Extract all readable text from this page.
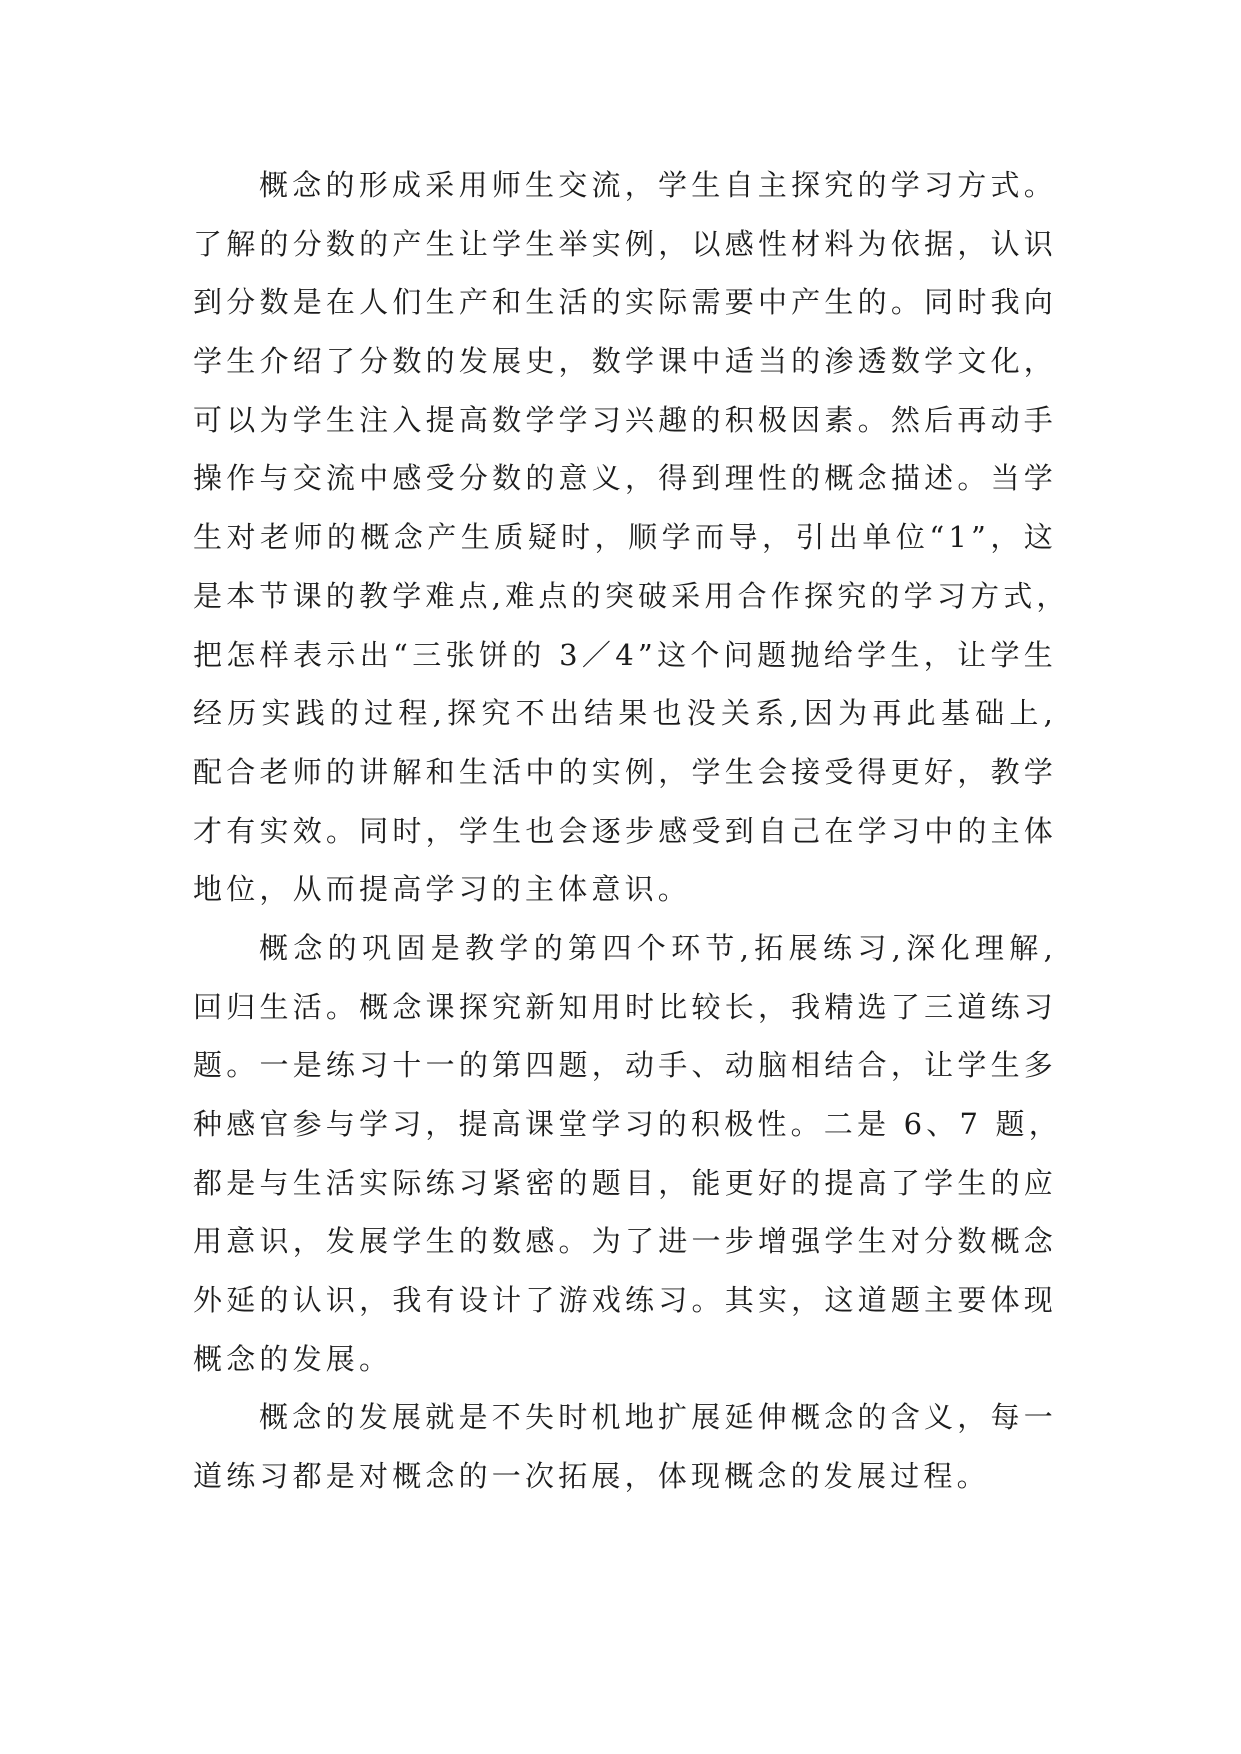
概念的形成采用师生交流，学生自主探究的学习方式。
了解的分数的产生让学生举实例，以感性材料为依据，认识
到分数是在人们生产和生活的实际需要中产生的。同时我向
学生介绍了分数的发展史，数学课中适当的渗透数学文化，
可以为学生注入提高数学学习兴趣的积极因素。然后再动手
操作与交流中感受分数的意义，得到理性的概念描述。当学
生对老师的概念产生质疑时，顺学而导，引出单位“1”，这
是本节课的教学难点,难点的突破采用合作探究的学习方式，
把怎样表示出“三张饼的 3／4”这个问题抛给学生，让学生
经历实践的过程,探究不出结果也没关系,因为再此基础上,
配合老师的讲解和生活中的实例，学生会接受得更好，教学
才有实效。同时，学生也会逐步感受到自己在学习中的主体
地位，从而提高学习的主体意识。
概念的巩固是教学的第四个环节,拓展练习,深化理解,
回归生活。概念课探究新知用时比较长，我精选了三道练习
题。一是练习十一的第四题，动手、动脑相结合，让学生多
种感官参与学习，提高课堂学习的积极性。二是 6、7 题，
都是与生活实际练习紧密的题目，能更好的提高了学生的应
用意识，发展学生的数感。为了进一步增强学生对分数概念
外延的认识，我有设计了游戏练习。其实，这道题主要体现
概念的发展。
概念的发展就是不失时机地扩展延伸概念的含义，每一
道练习都是对概念的一次拓展，体现概念的发展过程。
